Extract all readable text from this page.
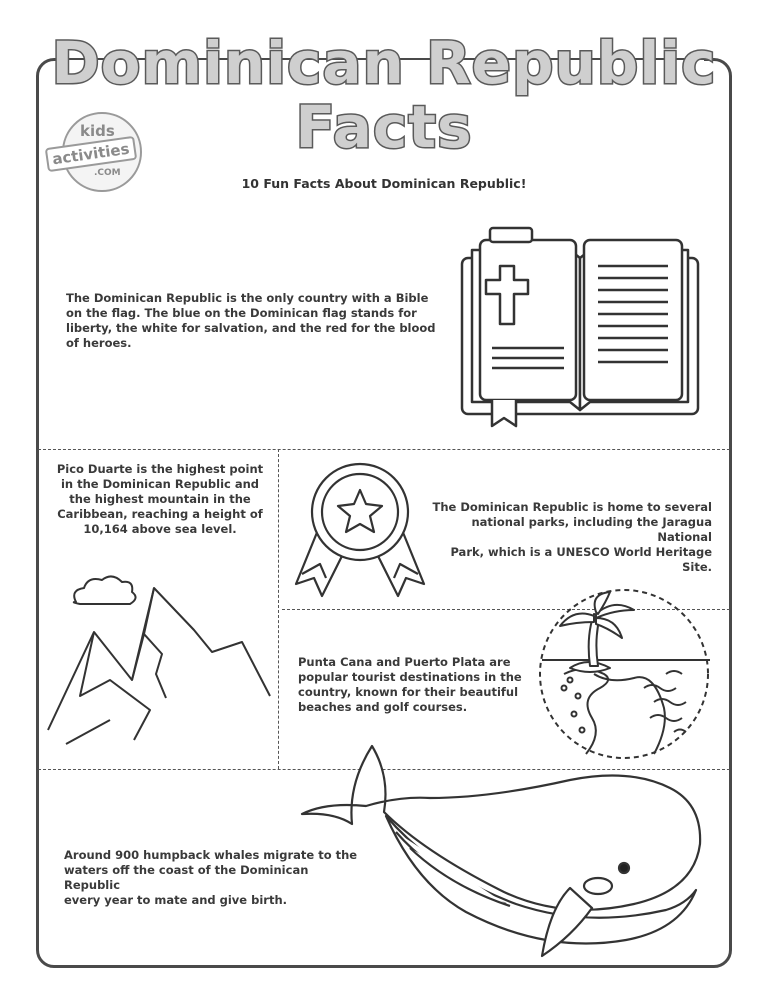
Dominican Republic
Facts
kids
activities
.COM
10 Fun Facts About Dominican Republic!
The Dominican Republic is the only country with a Bible
on the flag. The blue on the Dominican flag stands for
liberty, the white for salvation, and the red for the blood
of heroes.
Pico Duarte is the highest point
in the Dominican Republic and
the highest mountain in the
Caribbean, reaching a height of
10,164 above sea level.
The Dominican Republic is home to several
national parks, including the Jaragua National
Park, which is a UNESCO World Heritage Site.
Punta Cana and Puerto Plata are
popular tourist destinations in the
country, known for their beautiful
beaches and golf courses.
Around 900 humpback whales migrate to the
waters off the coast of the Dominican Republic
every year to mate and give birth.
